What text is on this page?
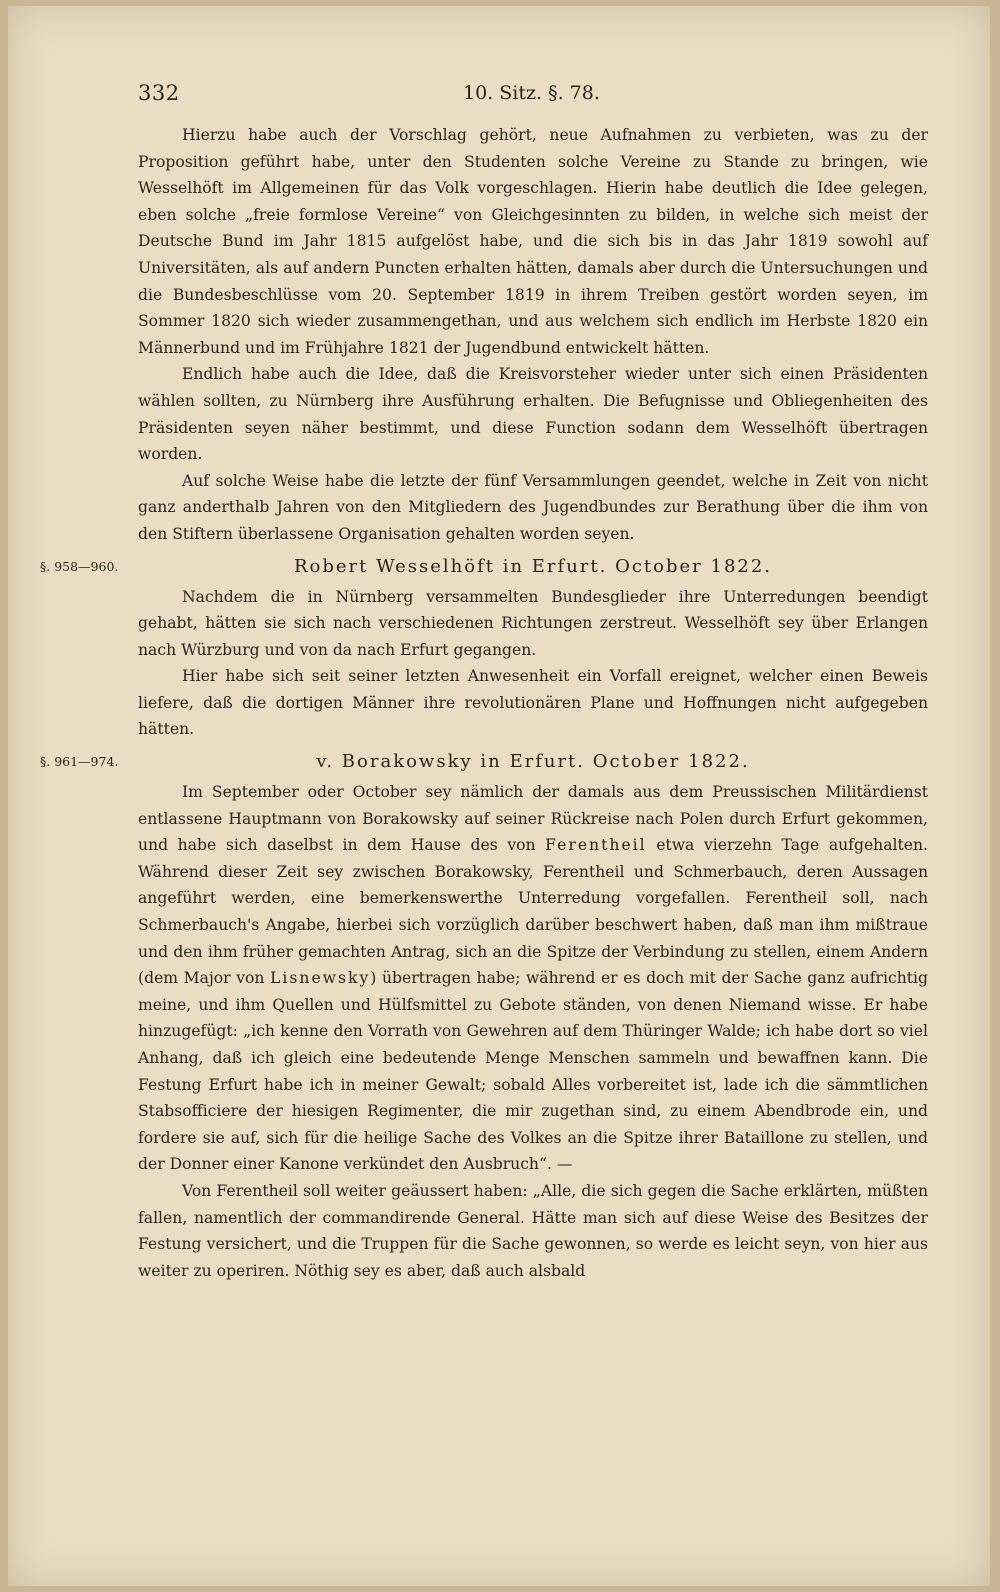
332	10. Sitz. §. 78.

Hierzu habe auch der Vorschlag gehört, neue Aufnahmen zu verbieten, was zu der Proposition geführt habe, unter den Studenten solche Vereine zu Stande zu bringen, wie Wesselhöft im Allgemeinen für das Volk vorgeschlagen. Hierin habe deutlich die Idee gelegen, eben solche „freie formlose Vereine“ von Gleichgesinnten zu bilden, in welche sich meist der Deutsche Bund im Jahr 1815 aufgelöst habe, und die sich bis in das Jahr 1819 sowohl auf Universitäten, als auf andern Puncten erhalten hätten, damals aber durch die Untersuchungen und die Bundesbeschlüsse vom 20. September 1819 in ihrem Treiben gestört worden seyen, im Sommer 1820 sich wieder zusammengethan, und aus welchem sich endlich im Herbste 1820 ein Männerbund und im Frühjahre 1821 der Jugendbund entwickelt hätten.

Endlich habe auch die Idee, daß die Kreisvorsteher wieder unter sich einen Präsidenten wählen sollten, zu Nürnberg ihre Ausführung erhalten. Die Befugnisse und Obliegenheiten des Präsidenten seyen näher bestimmt, und diese Function sodann dem Wesselhöft übertragen worden.

Auf solche Weise habe die letzte der fünf Versammlungen geendet, welche in Zeit von nicht ganz anderthalb Jahren von den Mitgliedern des Jugendbundes zur Berathung über die ihm von den Stiftern überlassene Organisation gehalten worden seyen.

§. 958—960.	Robert Wesselhöft in Erfurt. October 1822.

Nachdem die in Nürnberg versammelten Bundesglieder ihre Unterredungen beendigt gehabt, hätten sie sich nach verschiedenen Richtungen zerstreut. Wesselhöft sey über Erlangen nach Würzburg und von da nach Erfurt gegangen.

Hier habe sich seit seiner letzten Anwesenheit ein Vorfall ereignet, welcher einen Beweis liefere, daß die dortigen Männer ihre revolutionären Plane und Hoffnungen nicht aufgegeben hätten.

§. 961—974.	v. Borakowsky in Erfurt. October 1822.

Im September oder October sey nämlich der damals aus dem Preussischen Militärdienst entlassene Hauptmann von Borakowsky auf seiner Rückreise nach Polen durch Erfurt gekommen, und habe sich daselbst in dem Hause des von Ferentheil etwa vierzehn Tage aufgehalten. Während dieser Zeit sey zwischen Borakowsky, Ferentheil und Schmerbauch, deren Aussagen angeführt werden, eine bemerkenswerthe Unterredung vorgefallen. Ferentheil soll, nach Schmerbauch's Angabe, hierbei sich vorzüglich darüber beschwert haben, daß man ihm mißtraue und den ihm früher gemachten Antrag, sich an die Spitze der Verbindung zu stellen, einem Andern (dem Major von Lisnewsky) übertragen habe; während er es doch mit der Sache ganz aufrichtig meine, und ihm Quellen und Hülfsmittel zu Gebote ständen, von denen Niemand wisse. Er habe hinzugefügt: „ich kenne den Vorrath von Gewehren auf dem Thüringer Walde; ich habe dort so viel Anhang, daß ich gleich eine bedeutende Menge Menschen sammeln und bewaffnen kann. Die Festung Erfurt habe ich in meiner Gewalt; sobald Alles vorbereitet ist, lade ich die sämmtlichen Stabsofficiere der hiesigen Regimenter, die mir zugethan sind, zu einem Abendbrode ein, und fordere sie auf, sich für die heilige Sache des Volkes an die Spitze ihrer Bataillone zu stellen, und der Donner einer Kanone verkündet den Ausbruch“. —

Von Ferentheil soll weiter geäussert haben: „Alle, die sich gegen die Sache erklärten, müßten fallen, namentlich der commandirende General. Hätte man sich auf diese Weise des Besitzes der Festung versichert, und die Truppen für die Sache gewonnen, so werde es leicht seyn, von hier aus weiter zu operiren. Nöthig sey es aber, daß auch alsbald
